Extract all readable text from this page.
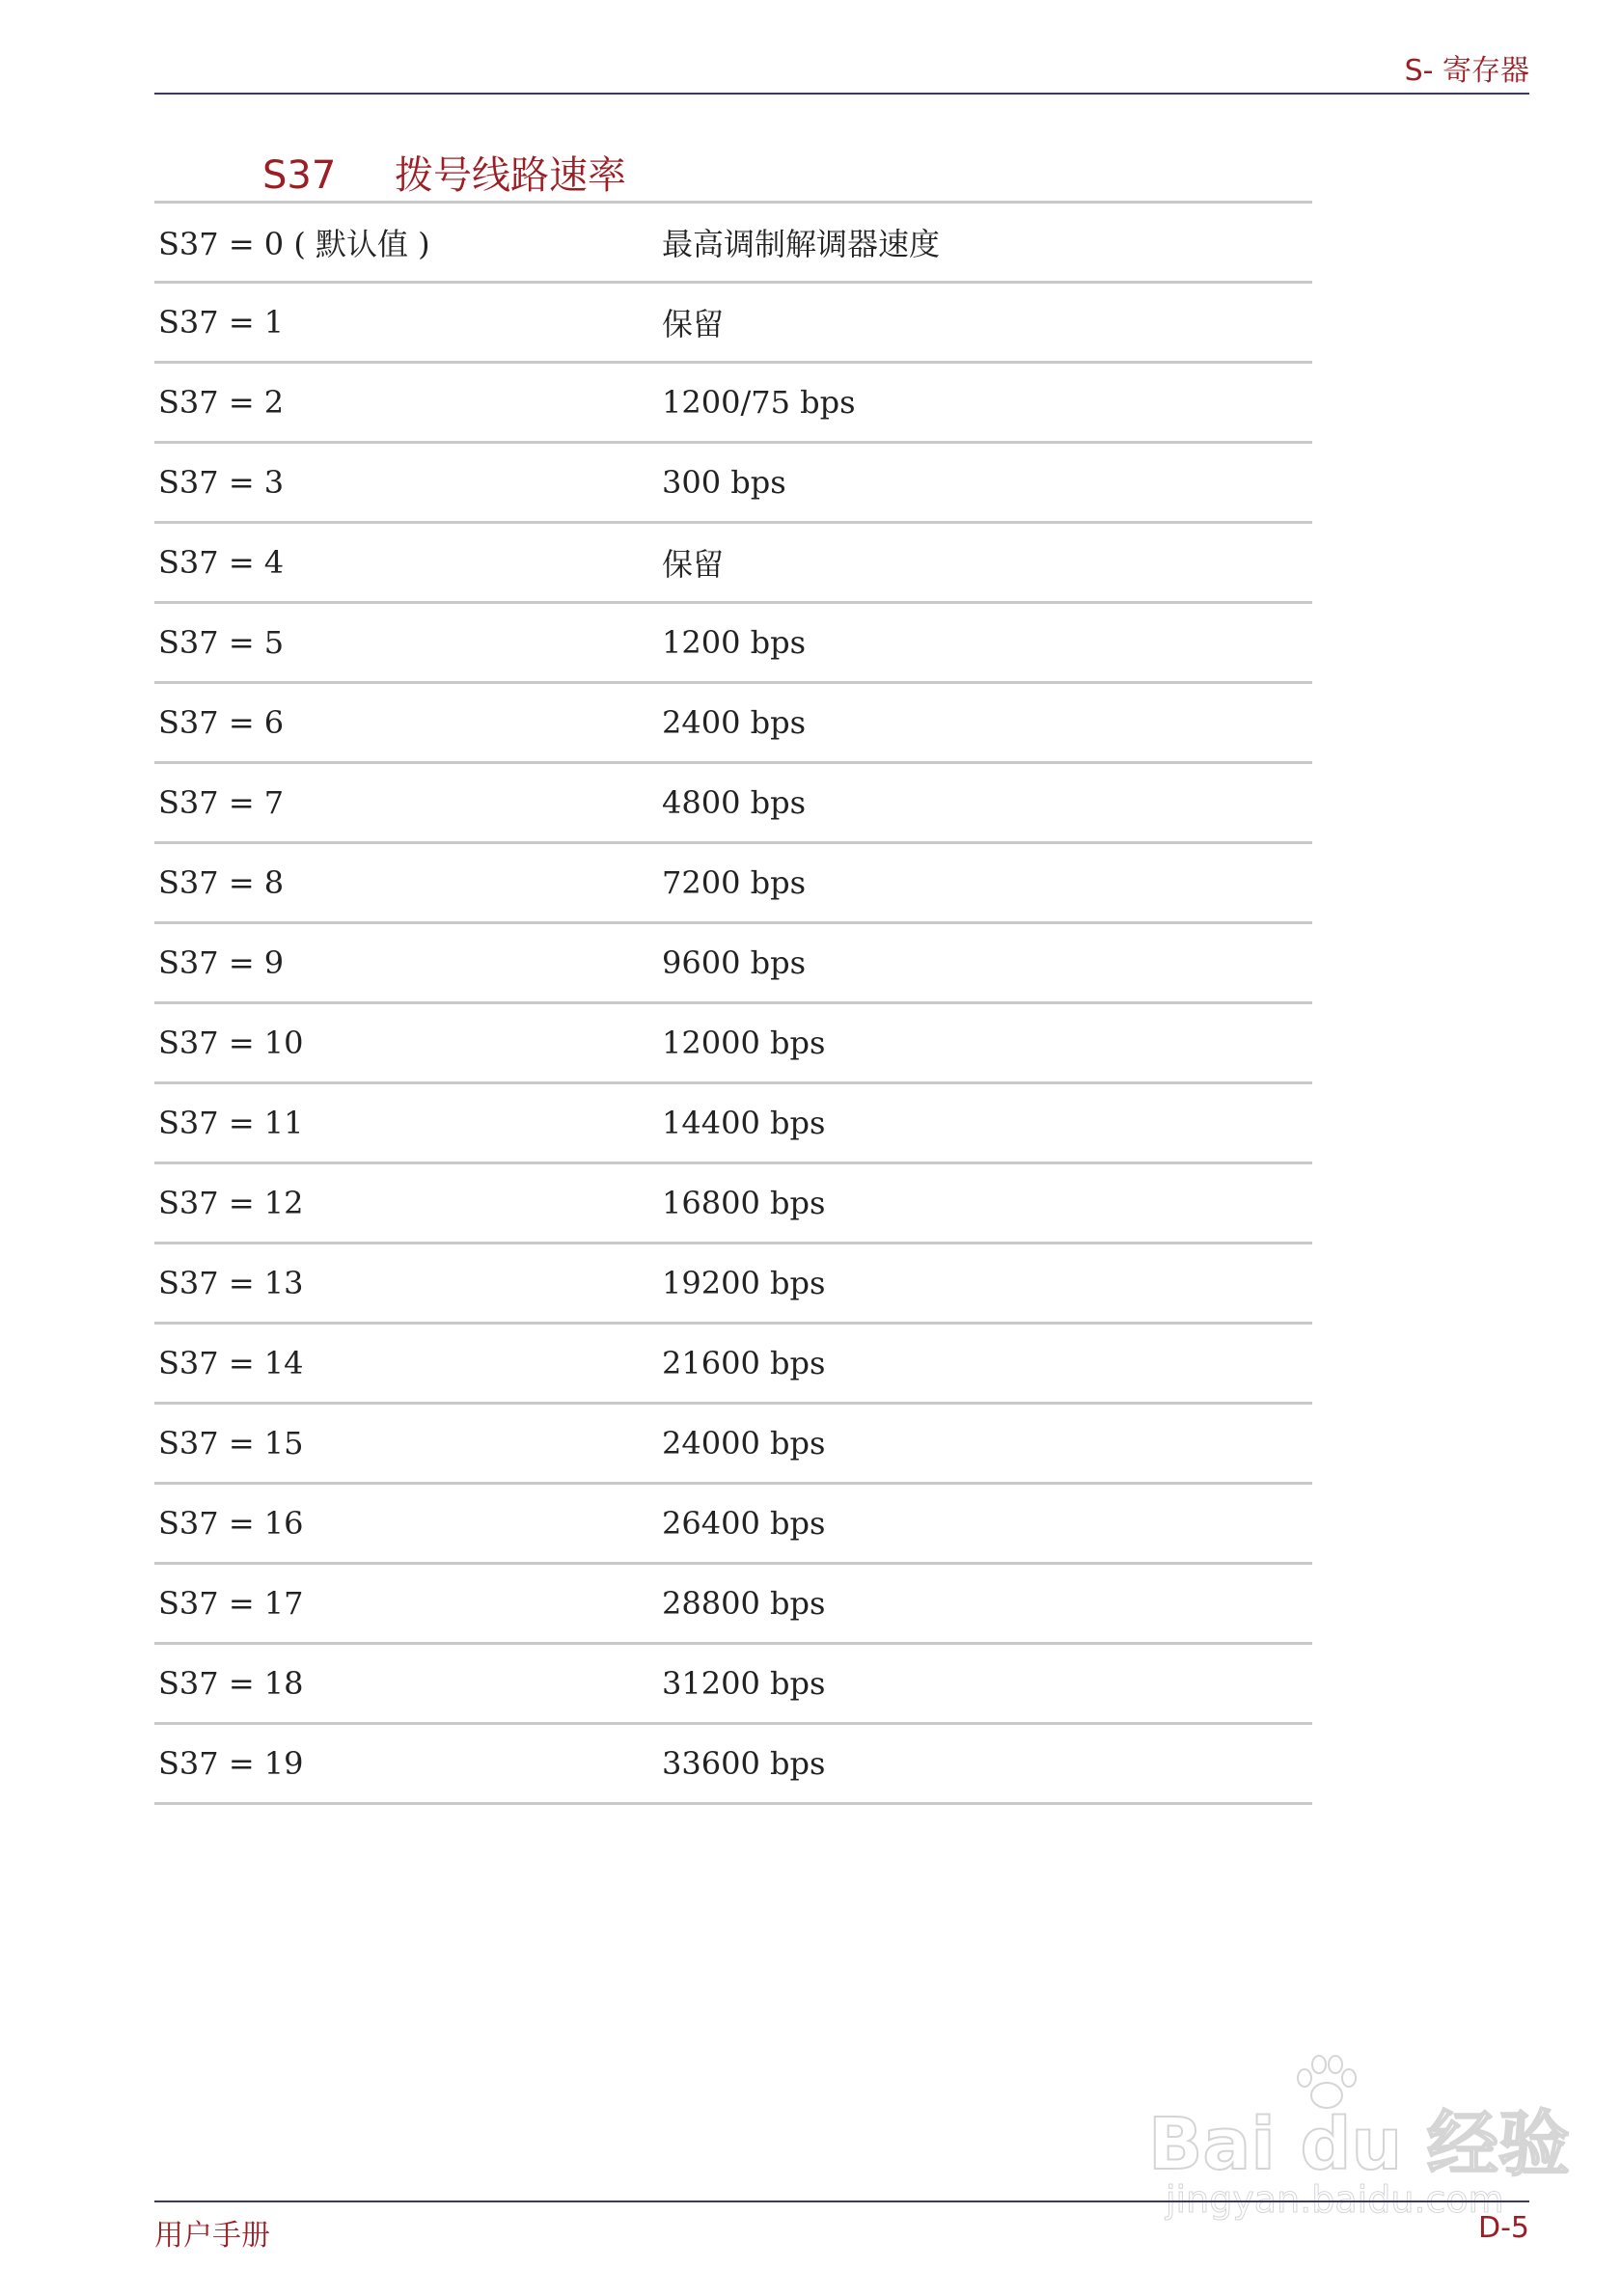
S- 寄存器
S37 拨号线路速率
S37 = 0 ( 默认值 )	最高调制解调器速度
S37 = 1	保留
S37 = 2	1200/75 bps
S37 = 3	300 bps
S37 = 4	保留
S37 = 5	1200 bps
S37 = 6	2400 bps
S37 = 7	4800 bps
S37 = 8	7200 bps
S37 = 9	9600 bps
S37 = 10	12000 bps
S37 = 11	14400 bps
S37 = 12	16800 bps
S37 = 13	19200 bps
S37 = 14	21600 bps
S37 = 15	24000 bps
S37 = 16	26400 bps
S37 = 17	28800 bps
S37 = 18	31200 bps
S37 = 19	33600 bps
Bai du 经验
jingyan.baidu.com
用户手册	D-5
